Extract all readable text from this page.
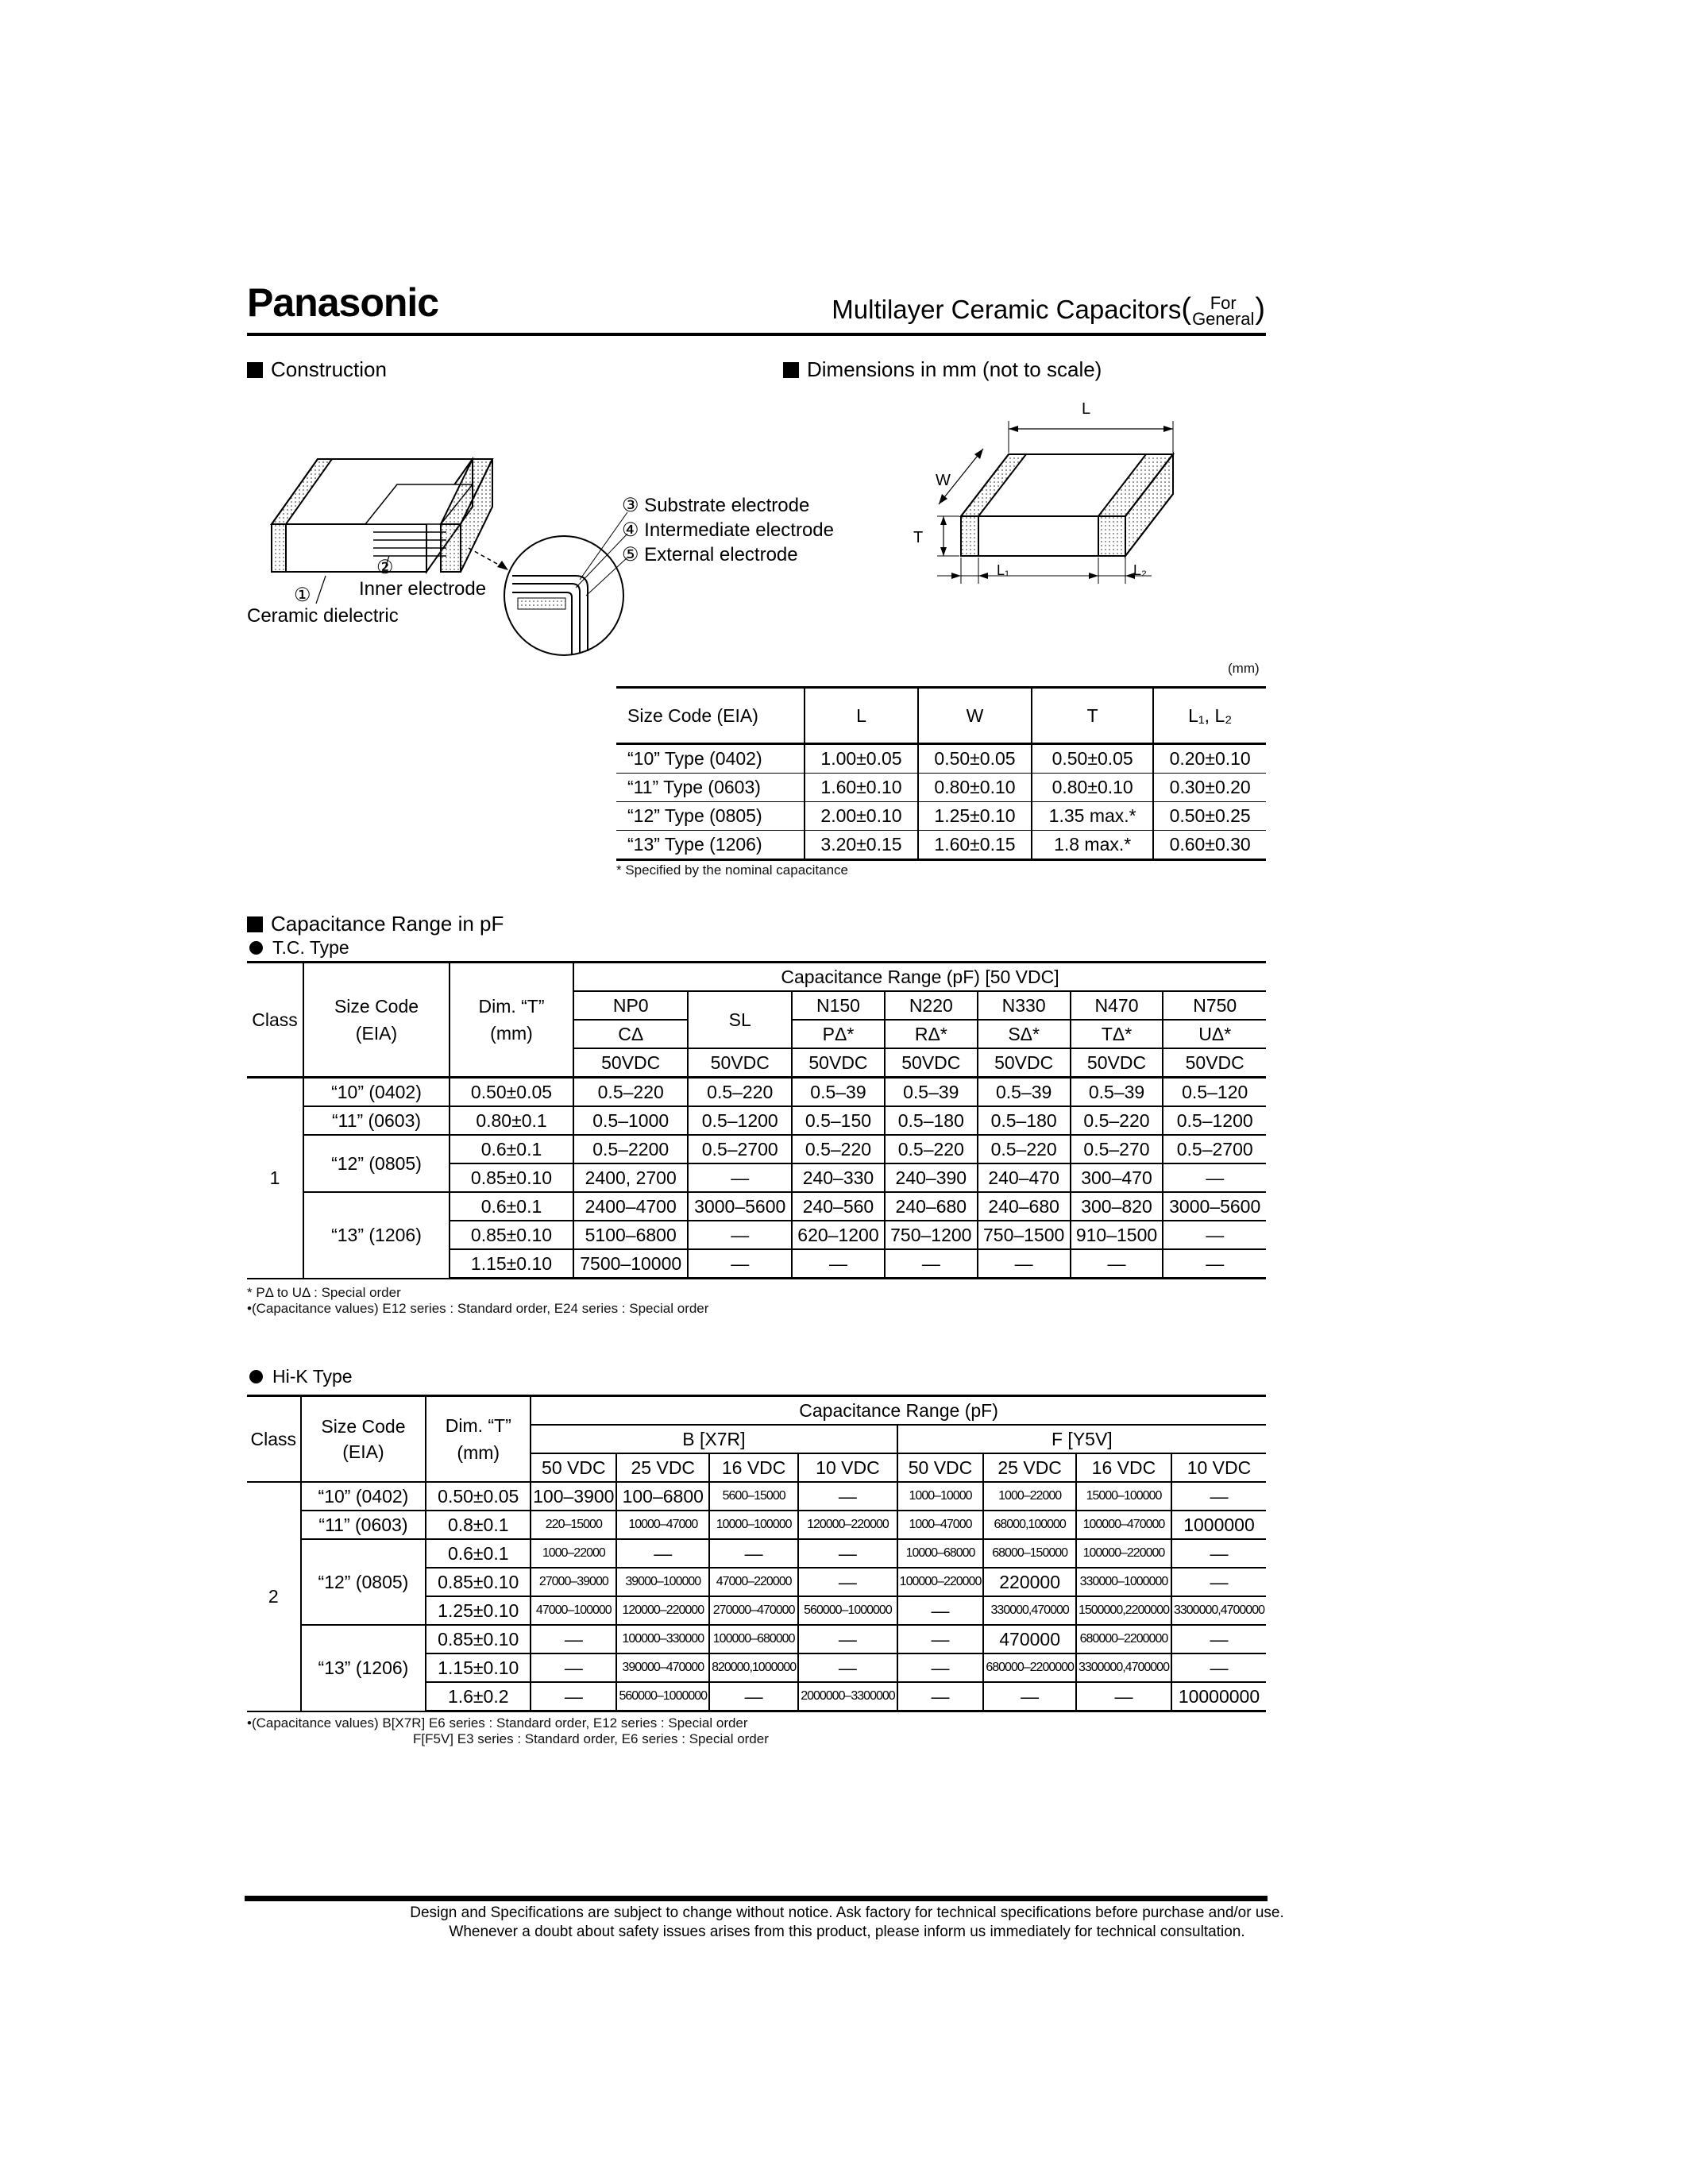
Panasonic	Multilayer Ceramic Capacitors(	For
General )
Construction
①
Ceramic dielectric
②
Inner electrode
③ Substrate electrode
④ Intermediate electrode
⑤ External electrode
Dimensions in mm (not to scale)
L
W
T
L₁	L₂
(mm)
Size Code (EIA)	L	W	T	L₁, L₂
“10” Type (0402)	1.00±0.05	0.50±0.05	0.50±0.05	0.20±0.10
“11” Type (0603)	1.60±0.10	0.80±0.10	0.80±0.10	0.30±0.20
“12” Type (0805)	2.00±0.10	1.25±0.10	1.35 max.*	0.50±0.25
“13” Type (1206)	3.20±0.15	1.60±0.15	1.8 max.*	0.60±0.30
* Specified by the nominal capacitance
Capacitance Range in pF
T.C. Type
Class	Size Code (EIA)	Dim. “T” (mm)	Capacitance Range (pF) [50 VDC]						
			NP0	SL	N150	N220	N330	N470	N750
			CΔ		PΔ*	RΔ*	SΔ*	TΔ*	UΔ*
			50VDC	50VDC	50VDC	50VDC	50VDC	50VDC	50VDC
1	“10” (0402)	0.50±0.05	0.5–220	0.5–220	0.5–39	0.5–39	0.5–39	0.5–39	0.5–120
	“11” (0603)	0.80±0.1	0.5–1000	0.5–1200	0.5–150	0.5–180	0.5–180	0.5–220	0.5–1200
	“12” (0805)	0.6±0.1	0.5–2200	0.5–2700	0.5–220	0.5–220	0.5–220	0.5–270	0.5–2700
		0.85±0.10	2400, 2700	—	240–330	240–390	240–470	300–470	—
	“13” (1206)	0.6±0.1	2400–4700	3000–5600	240–560	240–680	240–680	300–820	3000–5600
		0.85±0.10	5100–6800	—	620–1200	750–1200	750–1500	910–1500	—
		1.15±0.10	7500–10000	—	—	—	—	—	—
* PΔ to UΔ : Special order
•(Capacitance values) E12 series : Standard order, E24 series : Special order
Hi-K Type
Class	Size Code (EIA)	Dim. “T” (mm)	Capacitance Range (pF)							
			B [X7R]				F [Y5V]			
			50 VDC	25 VDC	16 VDC	10 VDC	50 VDC	25 VDC	16 VDC	10 VDC
2	“10” (0402)	0.50±0.05	100–3900	100–6800	5600–15000	—	1000–10000	1000–22000	15000–100000	—
	“11” (0603)	0.8±0.1	220–15000	10000–47000	10000–100000	120000–220000	1000–47000	68000,100000	100000–470000	1000000
	“12” (0805)	0.6±0.1	1000–22000	—	—	—	10000–68000	68000–150000	100000–220000	—
		0.85±0.10	27000–39000	39000–100000	47000–220000	—	100000–220000	220000	330000–1000000	—
		1.25±0.10	47000–100000	120000–220000	270000–470000	560000–1000000	—	330000,470000	1500000,2200000	3300000,4700000
	“13” (1206)	0.85±0.10	—	100000–330000	100000–680000	—	—	470000	680000–2200000	—
		1.15±0.10	—	390000–470000	820000,1000000	—	—	680000–2200000	3300000,4700000	—
		1.6±0.2	—	560000–1000000	—	2000000–3300000	—	—	—	10000000
•(Capacitance values) B[X7R] E6 series : Standard order, E12 series : Special order
F[F5V] E3 series : Standard order, E6 series : Special order
Design and Specifications are subject to change without notice. Ask factory for technical specifications before purchase and/or use.
Whenever a doubt about safety issues arises from this product, please inform us immediately for technical consultation.
